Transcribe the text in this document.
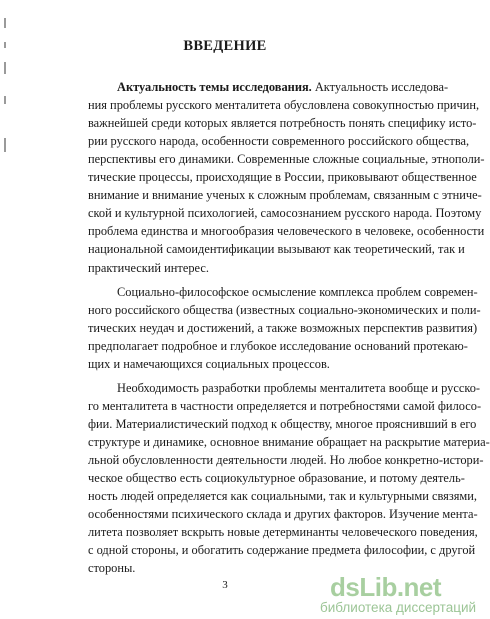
ВВЕДЕНИЕ
Актуальность темы исследования. Актуальность исследова-
ния проблемы русского менталитета обусловлена совокупностью причин,
важнейшей среди которых является потребность понять специфику исто-
рии русского народа, особенности современного российского общества,
перспективы его динамики. Современные сложные социальные, этнополи-
тические процессы, происходящие в России, приковывают общественное
внимание и внимание ученых к сложным проблемам, связанным с этниче-
ской и культурной психологией, самосознанием русского народа. Поэтому
проблема единства и многообразия человеческого в человеке, особенности
национальной самоидентификации вызывают как теоретический, так и
практический интерес.
Социально-философское осмысление комплекса проблем современ-
ного российского общества (известных социально-экономических и поли-
тических неудач и достижений, а также возможных перспектив развития)
предполагает подробное и глубокое исследование оснований протекаю-
щих и намечающихся социальных процессов.
Необходимость разработки проблемы менталитета вообще и русско-
го менталитета в частности определяется и потребностями самой филосо-
фии. Материалистический подход к обществу, многое прояснивший в его
структуре и динамике, основное внимание обращает на раскрытие материа-
льной обусловленности деятельности людей. Но любое конкретно-истори-
ческое общество есть социокультурное образование, и потому деятель-
ность людей определяется как социальными, так и культурными связями,
особенностями психического склада и других факторов. Изучение мента-
литета позволяет вскрыть новые детерминанты человеческого поведения,
с одной стороны, и обогатить содержание предмета философии, с другой
стороны.
3	dsLib.net
библиотека диссертаций
